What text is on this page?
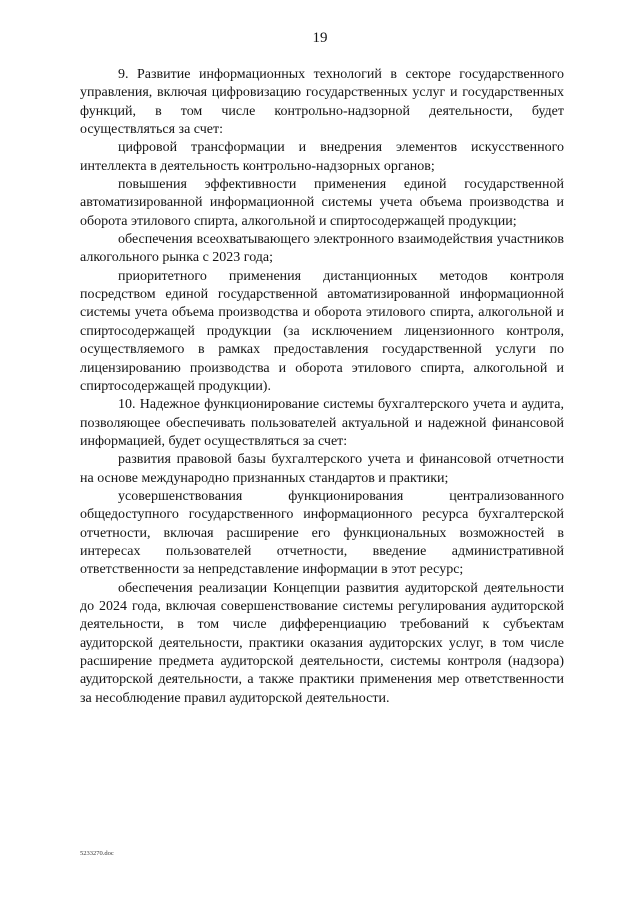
19

9. Развитие информационных технологий в секторе государственного управления, включая цифровизацию государственных услуг и государственных функций, в том числе контрольно-надзорной деятельности, будет осуществляться за счет:

цифровой трансформации и внедрения элементов искусственного интеллекта в деятельность контрольно-надзорных органов;

повышения эффективности применения единой государственной автоматизированной информационной системы учета объема производства и оборота этилового спирта, алкогольной и спиртосодержащей продукции;

обеспечения всеохватывающего электронного взаимодействия участников алкогольного рынка с 2023 года;

приоритетного применения дистанционных методов контроля посредством единой государственной автоматизированной информационной системы учета объема производства и оборота этилового спирта, алкогольной и спиртосодержащей продукции (за исключением лицензионного контроля, осуществляемого в рамках предоставления государственной услуги по лицензированию производства и оборота этилового спирта, алкогольной и спиртосодержащей продукции).

10. Надежное функционирование системы бухгалтерского учета и аудита, позволяющее обеспечивать пользователей актуальной и надежной финансовой информацией, будет осуществляться за счет:

развития правовой базы бухгалтерского учета и финансовой отчетности на основе международно признанных стандартов и практики;

усовершенствования функционирования централизованного общедоступного государственного информационного ресурса бухгалтерской отчетности, включая расширение его функциональных возможностей в интересах пользователей отчетности, введение административной ответственности за непредставление информации в этот ресурс;

обеспечения реализации Концепции развития аудиторской деятельности до 2024 года, включая совершенствование системы регулирования аудиторской деятельности, в том числе дифференциацию требований к субъектам аудиторской деятельности, практики оказания аудиторских услуг, в том числе расширение предмета аудиторской деятельности, системы контроля (надзора) аудиторской деятельности, а также практики применения мер ответственности за несоблюдение правил аудиторской деятельности.

5233270.doc
